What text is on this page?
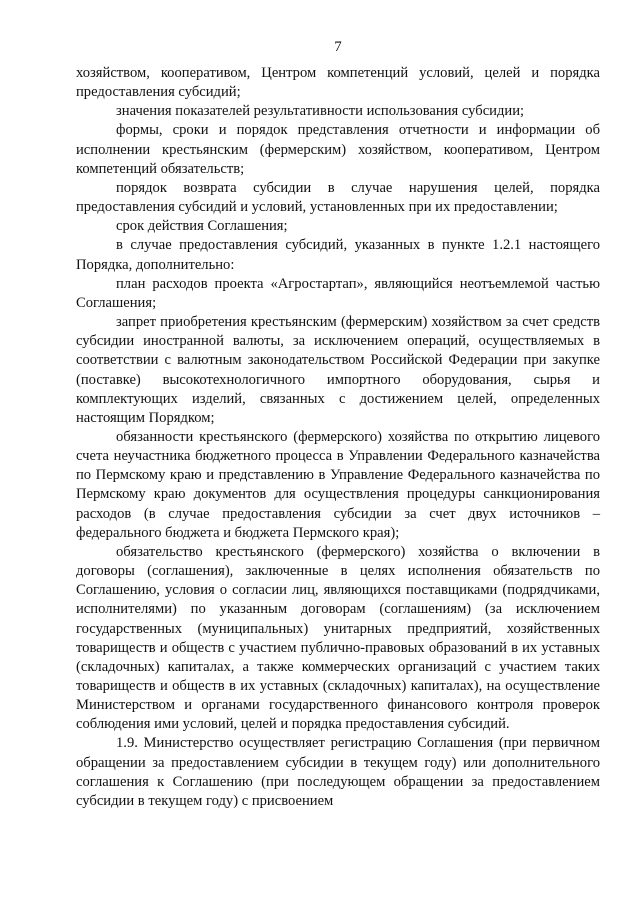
7

хозяйством, кооперативом, Центром компетенций условий, целей и порядка предоставления субсидий;

значения показателей результативности использования субсидии;

формы, сроки и порядок представления отчетности и информации об исполнении крестьянским (фермерским) хозяйством, кооперативом, Центром компетенций обязательств;

порядок возврата субсидии в случае нарушения целей, порядка предоставления субсидий и условий, установленных при их предоставлении;

срок действия Соглашения;

в случае предоставления субсидий, указанных в пункте 1.2.1 настоящего Порядка, дополнительно:

план расходов проекта «Агростартап», являющийся неотъемлемой частью Соглашения;

запрет приобретения крестьянским (фермерским) хозяйством за счет средств субсидии иностранной валюты, за исключением операций, осуществляемых в соответствии с валютным законодательством Российской Федерации при закупке (поставке) высокотехнологичного импортного оборудования, сырья и комплектующих изделий, связанных с достижением целей, определенных настоящим Порядком;

обязанности крестьянского (фермерского) хозяйства по открытию лицевого счета неучастника бюджетного процесса в Управлении Федерального казначейства по Пермскому краю и представлению в Управление Федерального казначейства по Пермскому краю документов для осуществления процедуры санкционирования расходов (в случае предоставления субсидии за счет двух источников – федерального бюджета и бюджета Пермского края);

обязательство крестьянского (фермерского) хозяйства о включении в договоры (соглашения), заключенные в целях исполнения обязательств по Соглашению, условия о согласии лиц, являющихся поставщиками (подрядчиками, исполнителями) по указанным договорам (соглашениям) (за исключением государственных (муниципальных) унитарных предприятий, хозяйственных товариществ и обществ с участием публично-правовых образований в их уставных (складочных) капиталах, а также коммерческих организаций с участием таких товариществ и обществ в их уставных (складочных) капиталах), на осуществление Министерством и органами государственного финансового контроля проверок соблюдения ими условий, целей и порядка предоставления субсидий.

1.9. Министерство осуществляет регистрацию Соглашения (при первичном обращении за предоставлением субсидии в текущем году) или дополнительного соглашения к Соглашению (при последующем обращении за предоставлением субсидии в текущем году) с присвоением
